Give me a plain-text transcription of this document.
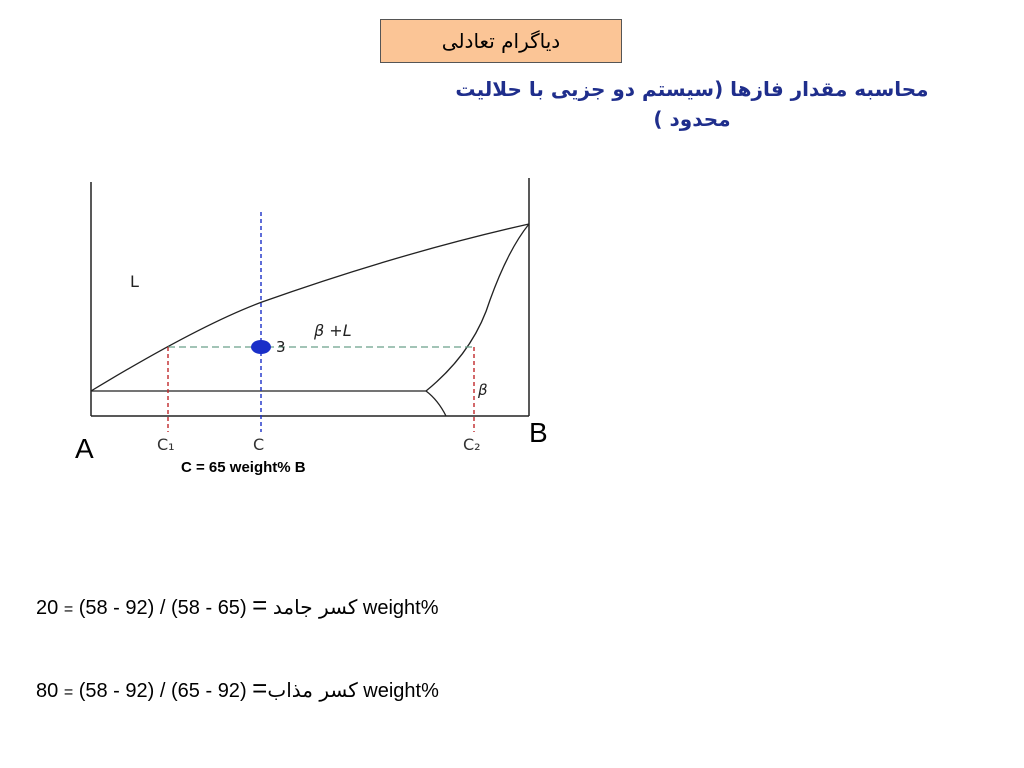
دیاگرام تعادلی
محاسبه مقدار فازها (سیستم دو جزیی با حلالیت محدود )
L
β +L
β
3
A
B
C₁	C	C₂
C = 65 weight% B
کسر جامد = (65 - 58) / (92 - 58) = 20 weight%
کسر مذاب= (92 - 65) / (92 - 58) = 80 weight%
